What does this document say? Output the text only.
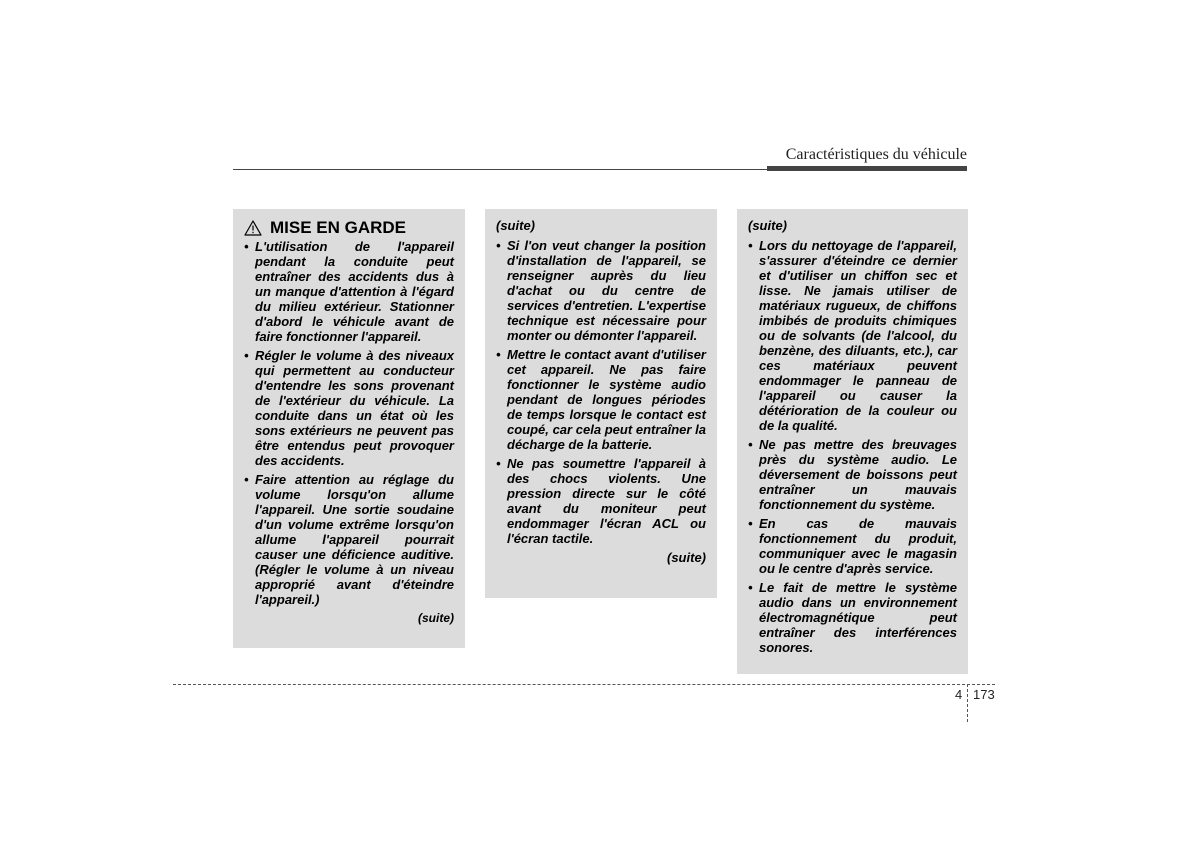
Caractéristiques du véhicule
MISE EN GARDE
• L'utilisation de l'appareil pendant la conduite peut entraîner des accidents dus à un manque d'attention à l'égard du milieu extérieur. Stationner d'abord le véhicule avant de faire fonctionner l'appareil.
• Régler le volume à des niveaux qui permettent au conducteur d'entendre les sons provenant de l'extérieur du véhicule. La conduite dans un état où les sons extérieurs ne peuvent pas être entendus peut provoquer des accidents.
• Faire attention au réglage du volume lorsqu'on allume l'appareil. Une sortie soudaine d'un volume extrême lorsqu'on allume l'appareil pourrait causer une déficience auditive. (Régler le volume à un niveau approprié avant d'éteindre l'appareil.)
(suite)
(suite)
• Si l'on veut changer la position d'installation de l'appareil, se renseigner auprès du lieu d'achat ou du centre de services d'entretien. L'expertise technique est nécessaire pour monter ou démonter l'appareil.
• Mettre le contact avant d'utiliser cet appareil. Ne pas faire fonctionner le système audio pendant de longues périodes de temps lorsque le contact est coupé, car cela peut entraîner la décharge de la batterie.
• Ne pas soumettre l'appareil à des chocs violents. Une pression directe sur le côté avant du moniteur peut endommager l'écran ACL ou l'écran tactile.
(suite)
(suite)
• Lors du nettoyage de l'appareil, s'assurer d'éteindre ce dernier et d'utiliser un chiffon sec et lisse. Ne jamais utiliser de matériaux rugueux, de chiffons imbibés de produits chimiques ou de solvants (de l'alcool, du benzène, des diluants, etc.), car ces matériaux peuvent endommager le panneau de l'appareil ou causer la détérioration de la couleur ou de la qualité.
• Ne pas mettre des breuvages près du système audio. Le déversement de boissons peut entraîner un mauvais fonctionnement du système.
• En cas de mauvais fonctionnement du produit, communiquer avec le magasin ou le centre d'après service.
• Le fait de mettre le système audio dans un environnement électromagnétique peut entraîner des interférences sonores.
4 173
